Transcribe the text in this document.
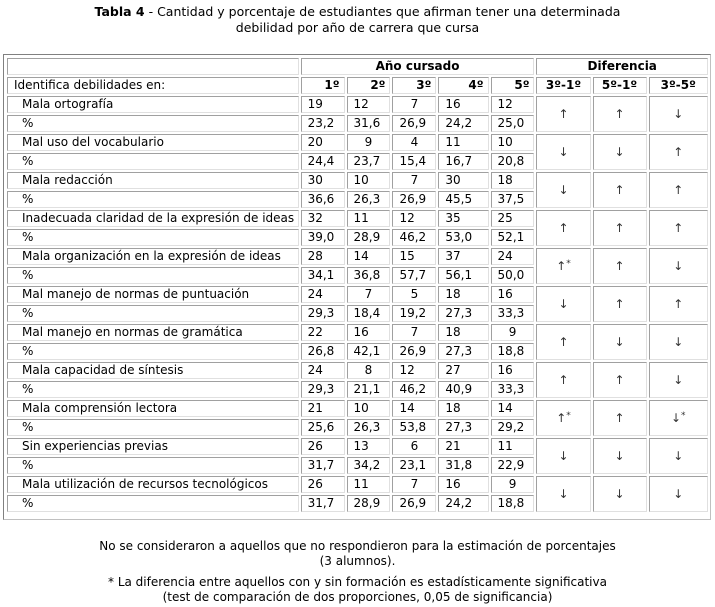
Tabla 4 - Cantidad y porcentaje de estudiantes que afirman tener una determinada
debilidad por año de carrera que cursa
	Año cursado					Diferencia		
Identifica debilidades en:	1º	2º	3º	4º	5º	3º-1º	5º-1º	3º-5º
Mala ortografía	19	12	7	16	12	↑	↑	↓
%	23,2	31,6	26,9	24,2	25,0			
Mal uso del vocabulario	20	9	4	11	10	↓	↓	↑
%	24,4	23,7	15,4	16,7	20,8			
Mala redacción	30	10	7	30	18	↓	↑	↑
%	36,6	26,3	26,9	45,5	37,5			
Inadecuada claridad de la expresión de ideas	32	11	12	35	25	↑	↑	↑
%	39,0	28,9	46,2	53,0	52,1			
Mala organización en la expresión de ideas	28	14	15	37	24	↑*	↑	↓
%	34,1	36,8	57,7	56,1	50,0			
Mal manejo de normas de puntuación	24	7	5	18	16	↓	↑	↑
%	29,3	18,4	19,2	27,3	33,3			
Mal manejo en normas de gramática	22	16	7	18	9	↑	↓	↓
%	26,8	42,1	26,9	27,3	18,8			
Mala capacidad de síntesis	24	8	12	27	16	↑	↑	↓
%	29,3	21,1	46,2	40,9	33,3			
Mala comprensión lectora	21	10	14	18	14	↑*	↑	↓*
%	25,6	26,3	53,8	27,3	29,2			
Sin experiencias previas	26	13	6	21	11	↓	↓	↓
%	31,7	34,2	23,1	31,8	22,9			
Mala utilización de recursos tecnológicos	26	11	7	16	9	↓	↓	↓
%	31,7	28,9	26,9	24,2	18,8			
No se consideraron a aquellos que no respondieron para la estimación de porcentajes
(3 alumnos).
* La diferencia entre aquellos con y sin formación es estadísticamente significativa
(test de comparación de dos proporciones, 0,05 de significancia)
